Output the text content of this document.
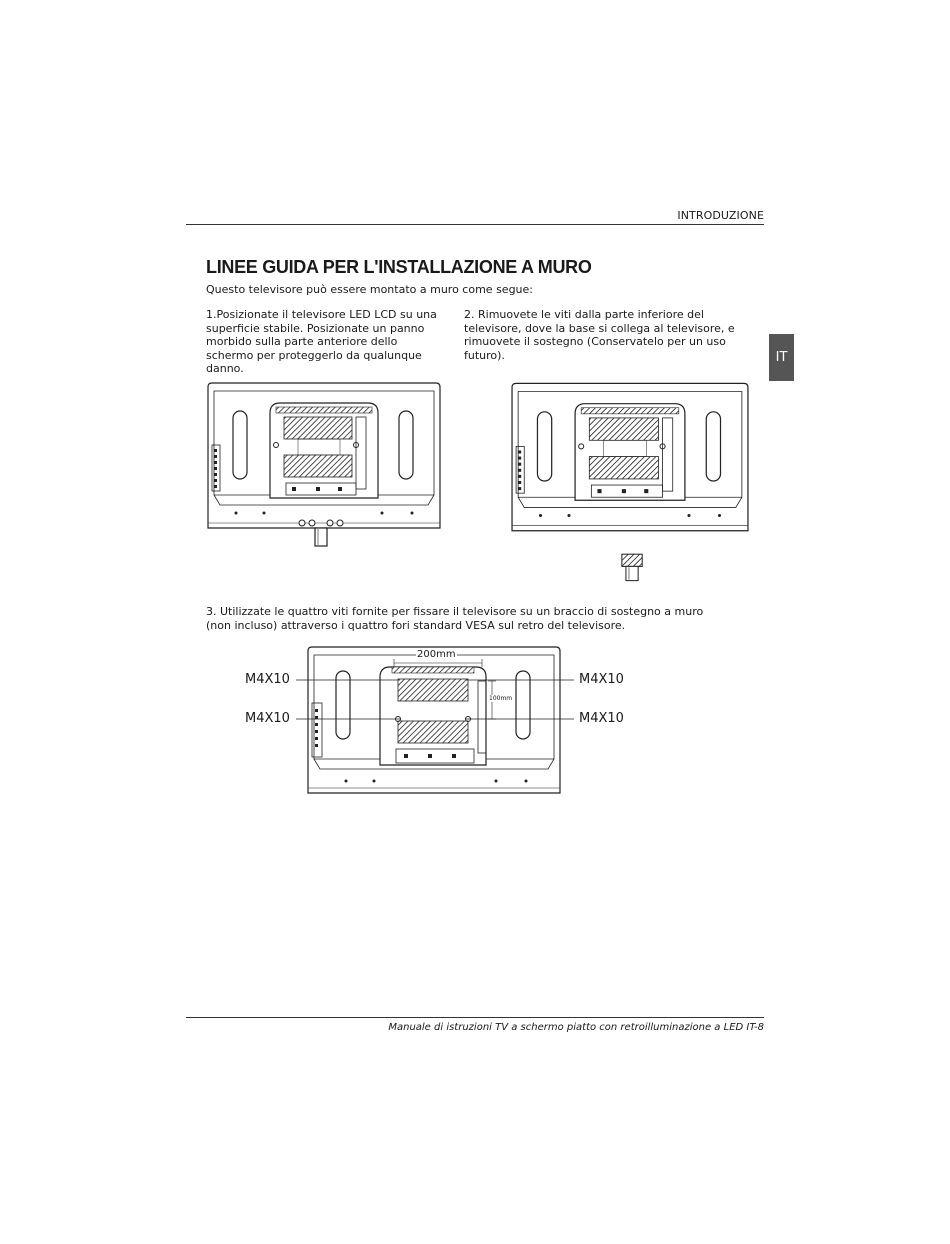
INTRODUZIONE
IT
LINEE GUIDA PER L'INSTALLAZIONE A MURO
Questo televisore può essere montato a muro come segue:
1.Posizionate il televisore LED LCD su una superficie stabile. Posizionate un panno morbido sulla parte anteriore dello schermo per proteggerlo da qualunque danno.
2. Rimuovete le viti dalla parte inferiore del televisore, dove la base si collega al televisore, e rimuovete il sostegno (Conservatelo per un uso futuro).
3. Utilizzate le quattro viti fornite per fissare il televisore su un braccio di sostegno a muro (non incluso) attraverso i quattro fori standard VESA sul retro del televisore.
200mm
100mm
M4X10	M4X10
M4X10	M4X10
Manuale di istruzioni TV a schermo piatto con retroilluminazione a LED IT-8
